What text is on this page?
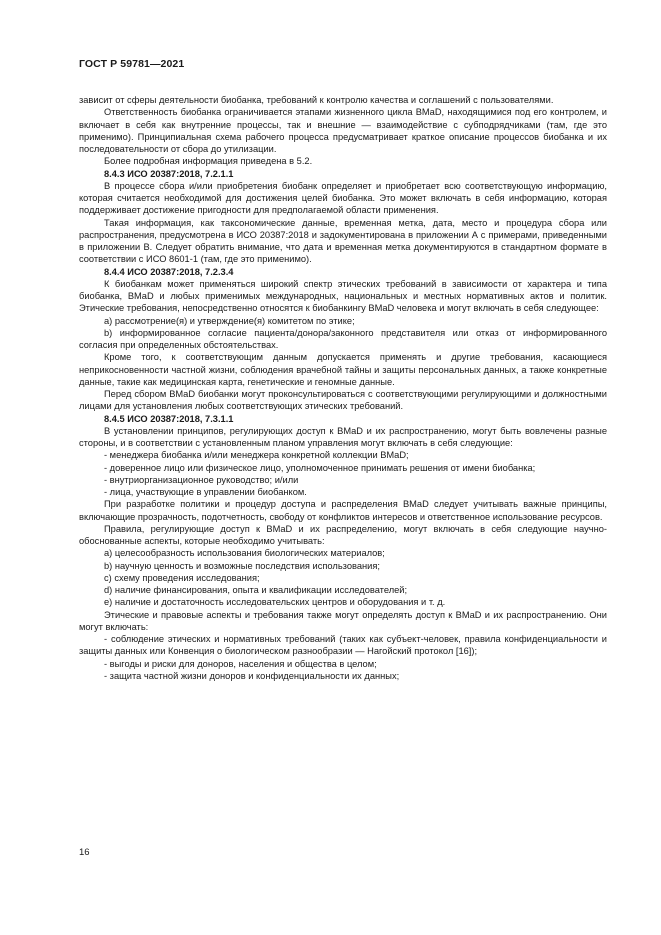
ГОСТ Р 59781—2021

зависит от сферы деятельности биобанка, требований к контролю качества и соглашений с пользователями.

Ответственность биобанка ограничивается этапами жизненного цикла BMaD, находящимися под его контролем, и включает в себя как внутренние процессы, так и внешние — взаимодействие с субподрядчиками (там, где это применимо). Принципиальная схема рабочего процесса предусматривает краткое описание процессов биобанка и их последовательности от сбора до утилизации.

Более подробная информация приведена в 5.2.

8.4.3 ИСО 20387:2018, 7.2.1.1

В процессе сбора и/или приобретения биобанк определяет и приобретает всю соответствующую информацию, которая считается необходимой для достижения целей биобанка. Это может включать в себя информацию, которая поддерживает достижение пригодности для предполагаемой области применения.

Такая информация, как таксономические данные, временная метка, дата, место и процедура сбора или распространения, предусмотрена в ИСО 20387:2018 и задокументирована в приложении А с примерами, приведенными в приложении В. Следует обратить внимание, что дата и временная метка документируются в стандартном формате в соответствии с ИСО 8601-1 (там, где это применимо).

8.4.4 ИСО 20387:2018, 7.2.3.4

К биобанкам может применяться широкий спектр этических требований в зависимости от характера и типа биобанка, BMaD и любых применимых международных, национальных и местных нормативных актов и политик. Этические требования, непосредственно относятся к биобанкингу BMaD человека и могут включать в себя следующее:

a) рассмотрение(я) и утверждение(я) комитетом по этике;

b) информированное согласие пациента/донора/законного представителя или отказ от информированного согласия при определенных обстоятельствах.

Кроме того, к соответствующим данным допускается применять и другие требования, касающиеся неприкосновенности частной жизни, соблюдения врачебной тайны и защиты персональных данных, а также конкретные данные, такие как медицинская карта, генетические и геномные данные.

Перед сбором BMaD биобанки могут проконсультироваться с соответствующими регулирующими и должностными лицами для установления любых соответствующих этических требований.

8.4.5 ИСО 20387:2018, 7.3.1.1

В установлении принципов, регулирующих доступ к BMaD и их распространению, могут быть вовлечены разные стороны, и в соответствии с установленным планом управления могут включать в себя следующие:

- менеджера биобанка и/или менеджера конкретной коллекции BMaD;

- доверенное лицо или физическое лицо, уполномоченное принимать решения от имени биобанка;

- внутриорганизационное руководство; и/или

- лица, участвующие в управлении биобанком.

При разработке политики и процедур доступа и распределения BMaD следует учитывать важные принципы, включающие прозрачность, подотчетность, свободу от конфликтов интересов и ответственное использование ресурсов.

Правила, регулирующие доступ к BMaD и их распределению, могут включать в себя следующие научно-обоснованные аспекты, которые необходимо учитывать:

a) целесообразность использования биологических материалов;

b) научную ценность и возможные последствия использования;

c) схему проведения исследования;

d) наличие финансирования, опыта и квалификации исследователей;

e) наличие и достаточность исследовательских центров и оборудования и т. д.

Этические и правовые аспекты и требования также могут определять доступ к BMaD и их распространению. Они могут включать:

- соблюдение этических и нормативных требований (таких как субъект-человек, правила конфиденциальности и защиты данных или Конвенция о биологическом разнообразии — Нагойский протокол [16]);

- выгоды и риски для доноров, населения и общества в целом;

- защита частной жизни доноров и конфиденциальности их данных;

16
